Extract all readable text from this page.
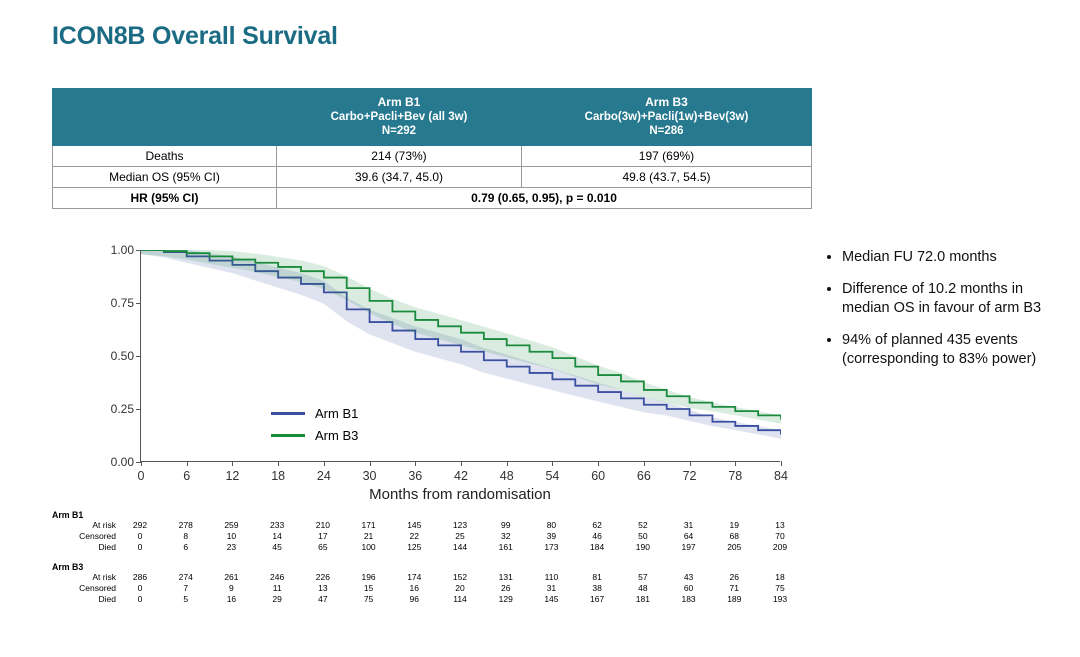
ICON8B Overall Survival

Arm B1
Carbo+Pacli+Bev (all 3w)
N=292

Arm B3
Carbo(3w)+Pacli(1w)+Bev(3w)
N=286

Deaths	214 (73%)	197 (69%)
Median OS (95% CI)	39.6 (34.7, 45.0)	49.8 (43.7, 54.5)
HR (95% CI)	0.79 (0.65, 0.95), p = 0.010	
Arm B1
Arm B3
0.00
0.25
0.50
0.75
1.00
0	6	12	18	24	30	36	42	48	54	60	66	72	78	84
Months from randomisation
Arm B1
At risk 292	278	259	233	210	171	145	123	99	80	62	52	31	19	13
Censored	0	8	10	14	17	21	22	25	32	39	46	50	64	68	70
Died	0	6	23	45	65	100	125	144	161	173	184	190	197	205	209
Arm B3
At risk 286	274	261	246	226	196	174	152	131	110	81	57	43	26	18
Censored	0	7	9	11	13	15	16	20	26	31	38	48	60	71	75
Died	0	5	16	29	47	75	96	114	129	145	167	181	183	189	193
• Median FU 72.0 months
• Difference of 10.2 months in median OS in favour of arm B3
• 94% of planned 435 events (corresponding to 83% power)
